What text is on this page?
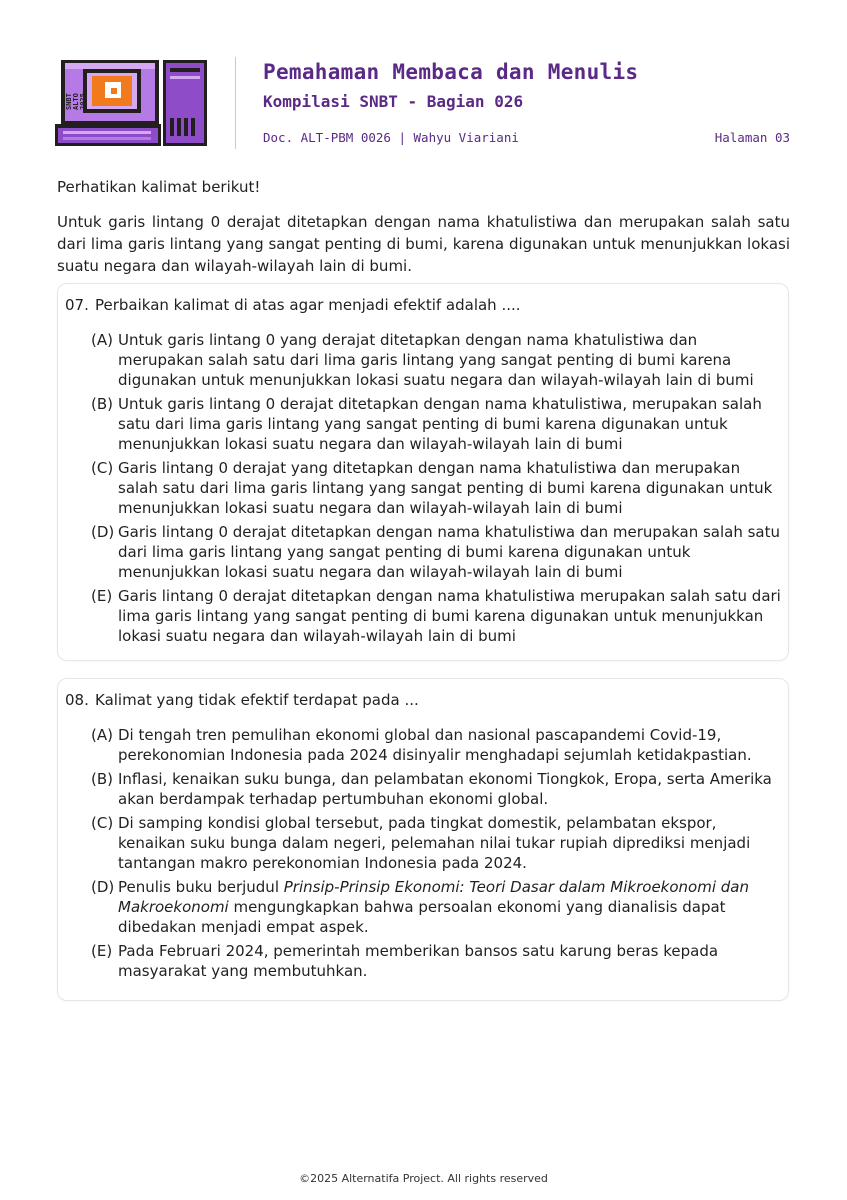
ALTO
SNBT 2025
Pemahaman Membaca dan Menulis
Kompilasi SNBT - Bagian 026
Doc. ALT-PBM 0026 | Wahyu Viariani	Halaman 03

Perhatikan kalimat berikut!

Untuk garis lintang 0 derajat ditetapkan dengan nama khatulistiwa dan merupakan salah satu dari lima garis lintang yang sangat penting di bumi, karena digunakan untuk menunjukkan lokasi suatu negara dan wilayah-wilayah lain di bumi.

07. Perbaikan kalimat di atas agar menjadi efektif adalah ....
(A) Untuk garis lintang 0 yang derajat ditetapkan dengan nama khatulistiwa dan merupakan salah satu dari lima garis lintang yang sangat penting di bumi karena digunakan untuk menunjukkan lokasi suatu negara dan wilayah-wilayah lain di bumi
(B) Untuk garis lintang 0 derajat ditetapkan dengan nama khatulistiwa, merupakan salah satu dari lima garis lintang yang sangat penting di bumi karena digunakan untuk menunjukkan lokasi suatu negara dan wilayah-wilayah lain di bumi
(C) Garis lintang 0 derajat yang ditetapkan dengan nama khatulistiwa dan merupakan salah satu dari lima garis lintang yang sangat penting di bumi karena digunakan untuk menunjukkan lokasi suatu negara dan wilayah-wilayah lain di bumi
(D) Garis lintang 0 derajat ditetapkan dengan nama khatulistiwa dan merupakan salah satu dari lima garis lintang yang sangat penting di bumi karena digunakan untuk menunjukkan lokasi suatu negara dan wilayah-wilayah lain di bumi
(E) Garis lintang 0 derajat ditetapkan dengan nama khatulistiwa merupakan salah satu dari lima garis lintang yang sangat penting di bumi karena digunakan untuk menunjukkan lokasi suatu negara dan wilayah-wilayah lain di bumi
08. Kalimat yang tidak efektif terdapat pada ...
(A) Di tengah tren pemulihan ekonomi global dan nasional pascapandemi Covid-19, perekonomian Indonesia pada 2024 disinyalir menghadapi sejumlah ketidakpastian.
(B) Inflasi, kenaikan suku bunga, dan pelambatan ekonomi Tiongkok, Eropa, serta Amerika akan berdampak terhadap pertumbuhan ekonomi global.
(C) Di samping kondisi global tersebut, pada tingkat domestik, pelambatan ekspor, kenaikan suku bunga dalam negeri, pelemahan nilai tukar rupiah diprediksi menjadi tantangan makro perekonomian Indonesia pada 2024.
(D) Penulis buku berjudul Prinsip-Prinsip Ekonomi: Teori Dasar dalam Mikroekonomi dan Makroekonomi mengungkapkan bahwa persoalan ekonomi yang dianalisis dapat dibedakan menjadi empat aspek.
(E) Pada Februari 2024, pemerintah memberikan bansos satu karung beras kepada masyarakat yang membutuhkan.
©2025 Alternatifa Project. All rights reserved
